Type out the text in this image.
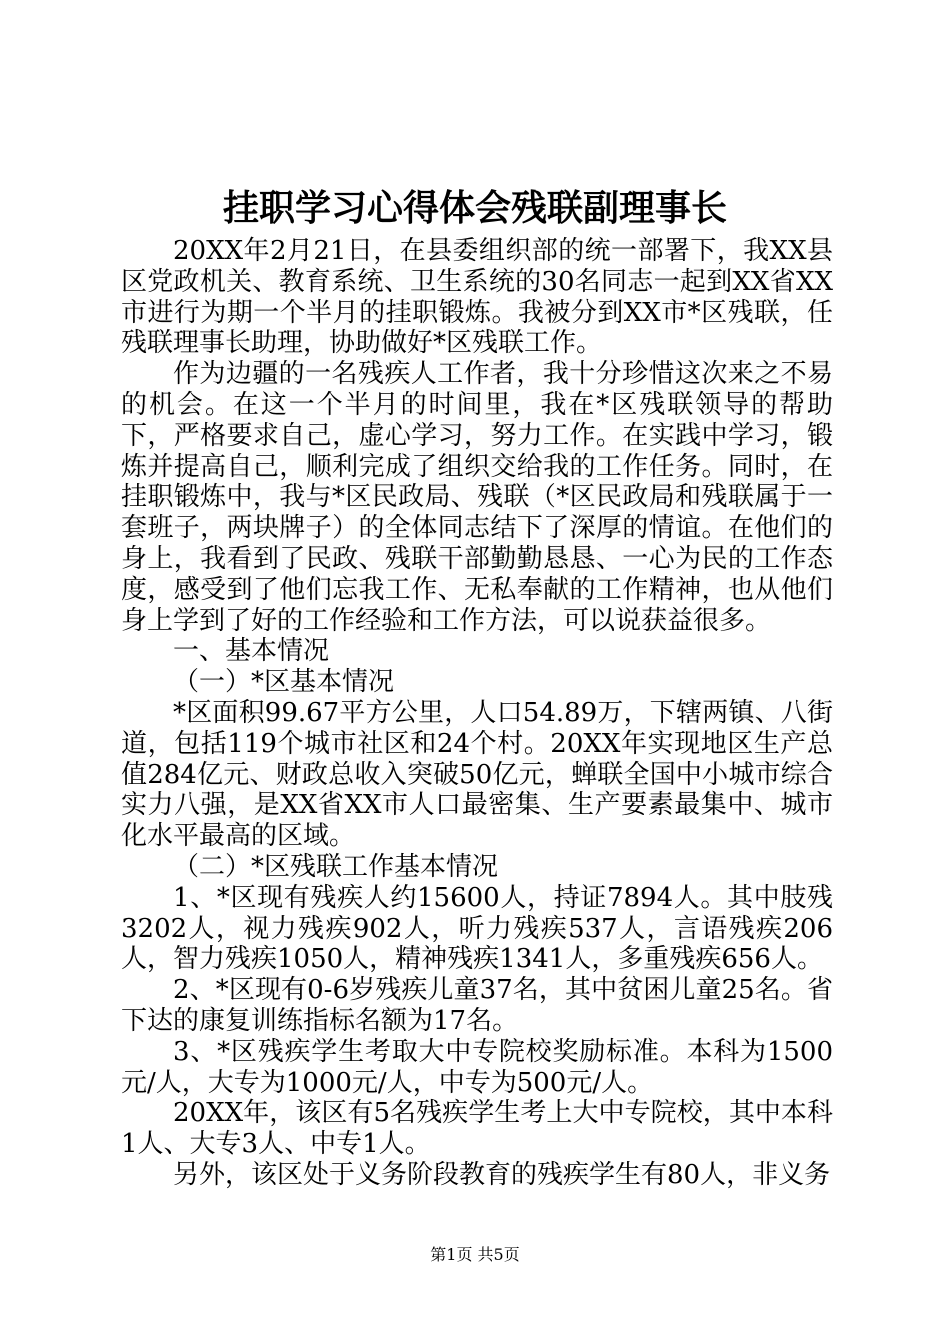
挂职学习心得体会残联副理事长

20XX年2月21日，在县委组织部的统一部署下，我XX县区党政机关、教育系统、卫生系统的30名同志一起到XX省XX市进行为期一个半月的挂职锻炼。我被分到XX市*区残联，任残联理事长助理，协助做好*区残联工作。

作为边疆的一名残疾人工作者，我十分珍惜这次来之不易的机会。在这一个半月的时间里，我在*区残联领导的帮助下，严格要求自己，虚心学习，努力工作。在实践中学习，锻炼并提高自己，顺利完成了组织交给我的工作任务。同时，在挂职锻炼中，我与*区民政局、残联（*区民政局和残联属于一套班子，两块牌子）的全体同志结下了深厚的情谊。在他们的身上，我看到了民政、残联干部勤勤恳恳、一心为民的工作态度，感受到了他们忘我工作、无私奉献的工作精神，也从他们身上学到了好的工作经验和工作方法，可以说获益很多。

一、基本情况

（一）*区基本情况

*区面积99.67平方公里，人口54.89万，下辖两镇、八街道，包括119个城市社区和24个村。20XX年实现地区生产总值284亿元、财政总收入突破50亿元，蝉联全国中小城市综合实力八强，是XX省XX市人口最密集、生产要素最集中、城市化水平最高的区域。

（二）*区残联工作基本情况

1、*区现有残疾人约15600人，持证7894人。其中肢残3202人，视力残疾902人，听力残疾537人，言语残疾206人，智力残疾1050人，精神残疾1341人，多重残疾656人。

2、*区现有0-6岁残疾儿童37名，其中贫困儿童25名。省下达的康复训练指标名额为17名。

3、*区残疾学生考取大中专院校奖励标准。本科为1500元/人，大专为1000元/人，中专为500元/人。

20XX年，该区有5名残疾学生考上大中专院校，其中本科1人、大专3人、中专1人。

另外，该区处于义务阶段教育的残疾学生有80人，非义务

第1页 共5页
